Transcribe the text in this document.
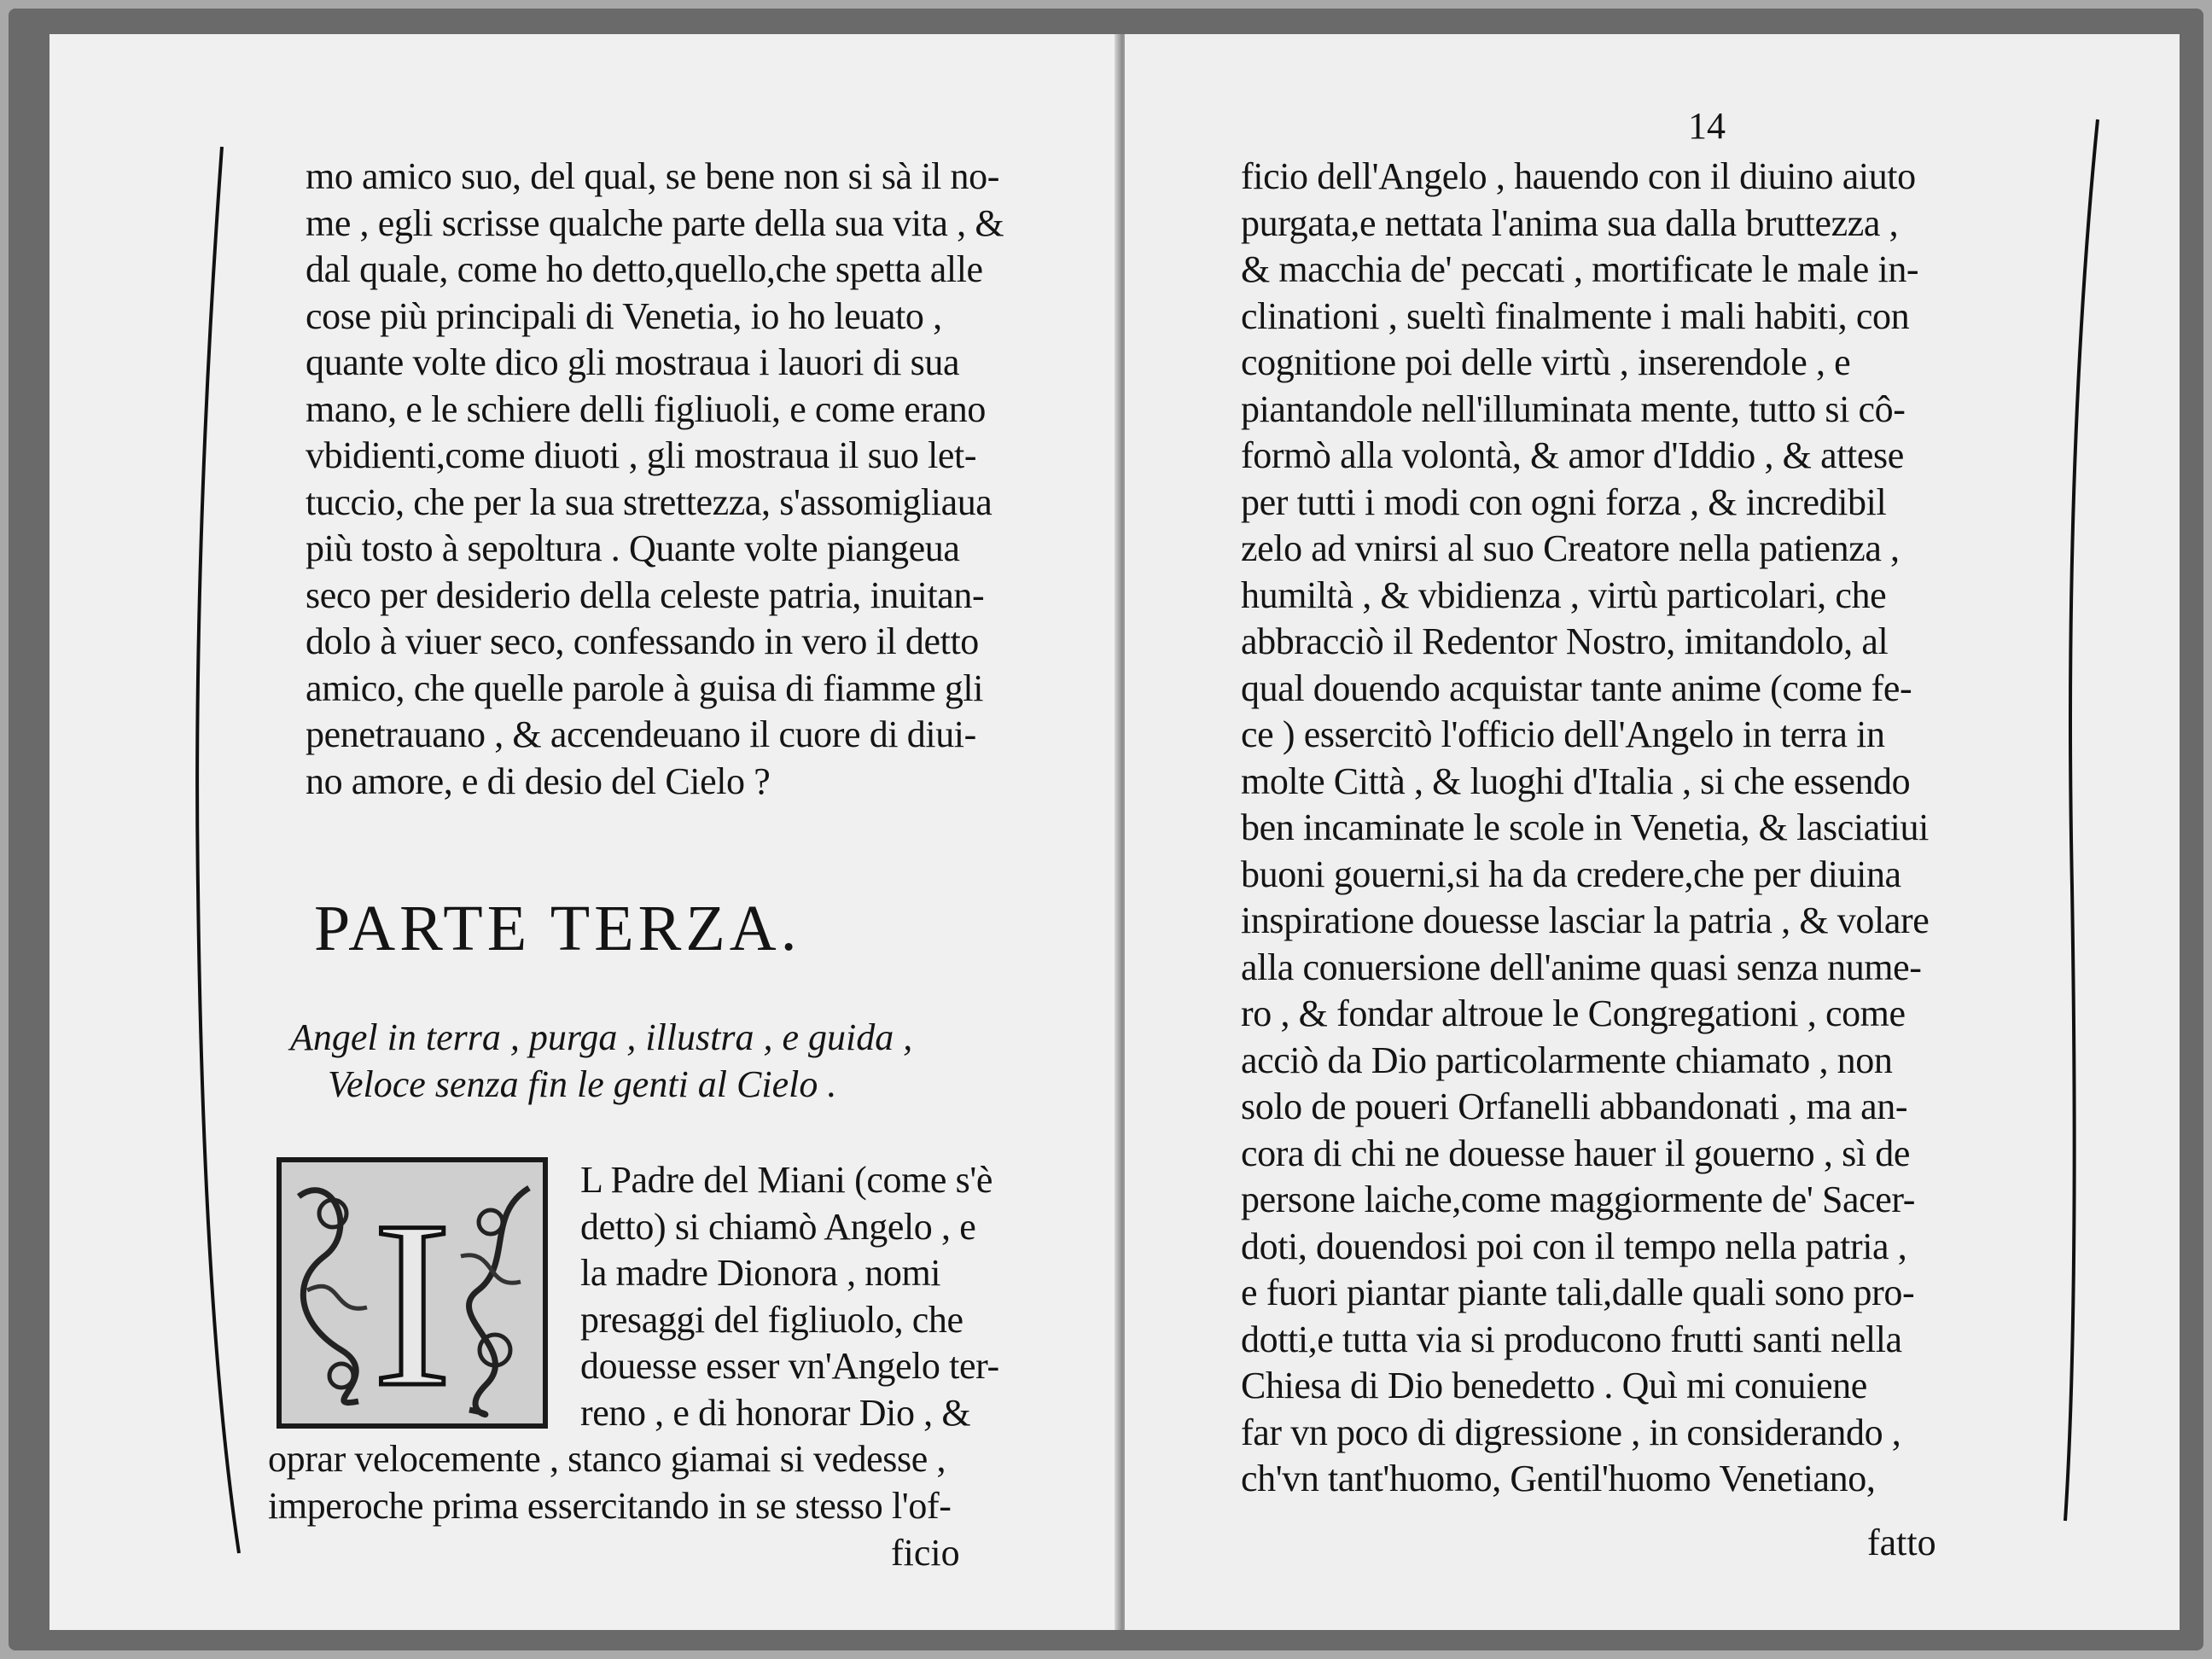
mo amico suo, del qual, se bene non si sà il no-
me , egli scrisse qualche parte della sua vita , &
dal quale, come ho detto,quello,che spetta alle
cose più principali di Venetia, io ho leuato ,
quante volte dico gli mostraua i lauori di sua
mano, e le schiere delli figliuoli, e come erano
vbidienti,come diuoti , gli mostraua il suo let-
tuccio, che per la sua strettezza, s'assomigliaua
più tosto à sepoltura . Quante volte piangeua
seco per desiderio della celeste patria, inuitan-
dolo à viuer seco, confessando in vero il detto
amico, che quelle parole à guisa di fiamme gli
penetrauano , & accendeuano il cuore di diui-
no amore, e di desio del Cielo ?
PARTE TERZA.

Angel in terra , purga , illustra , e guida ,

Veloce senza fin le genti al Cielo .

I	L Padre del Miani (come s'è
detto) si chiamò Angelo , e
la madre Dionora , nomi
presaggi del figliuolo, che
douesse esser vn'Angelo ter-
reno , e di honorar Dio , &
oprar velocemente , stanco giamai si vedesse ,
imperoche prima essercitando in se stesso l'of-

ficio

14

ficio dell'Angelo , hauendo con il diuino aiuto
purgata,e nettata l'anima sua dalla bruttezza ,
& macchia de' peccati , mortificate le male in-
clinationi , sueltì finalmente i mali habiti, con
cognitione poi delle virtù , inserendole , e
piantandole nell'illuminata mente, tutto si cô-
formò alla volontà, & amor d'Iddio , & attese
per tutti i modi con ogni forza , & incredibil
zelo ad vnirsi al suo Creatore nella patienza ,
humiltà , & vbidienza , virtù particolari, che
abbracciò il Redentor Nostro, imitandolo, al
qual douendo acquistar tante anime (come fe-
ce ) essercitò l'officio dell'Angelo in terra in
molte Città , & luoghi d'Italia , si che essendo
ben incaminate le scole in Venetia, & lasciatiui
buoni gouerni,si ha da credere,che per diuina
inspiratione douesse lasciar la patria , & volare
alla conuersione dell'anime quasi senza nume-
ro , & fondar altroue le Congregationi , come
acciò da Dio particolarmente chiamato , non
solo de poueri Orfanelli abbandonati , ma an-
cora di chi ne douesse hauer il gouerno , sì de
persone laiche,come maggiormente de' Sacer-
doti, douendosi poi con il tempo nella patria ,
e fuori piantar piante tali,dalle quali sono pro-
dotti,e tutta via si producono frutti santi nella
Chiesa di Dio benedetto . Quì mi conuiene
far vn poco di digressione , in considerando ,
ch'vn tant'huomo, Gentil'huomo Venetiano,

fatto
